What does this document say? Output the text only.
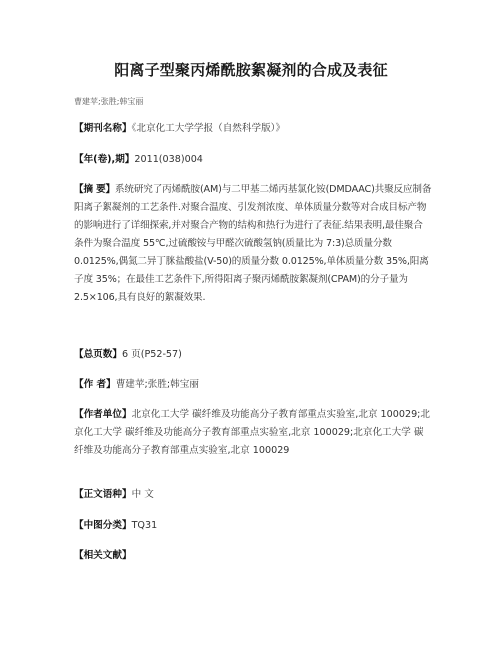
阳离子型聚丙烯酰胺絮凝剂的合成及表征
曹建苹;张胜;韩宝丽
【期刊名称】《北京化工大学学报（自然科学版）》
【年(卷),期】2011(038)004
【摘 要】系统研究了丙烯酰胺(AM)与二甲基二烯丙基氯化铵(DMDAAC)共聚反应制备阳离子絮凝剂的工艺条件.对聚合温度、引发剂浓度、单体质量分数等对合成目标产物的影响进行了详细探索,并对聚合产物的结构和热行为进行了表征.结果表明,最佳聚合条件为聚合温度 55℃,过硫酸铵与甲醛次硫酸氢钠(质量比为 7:3)总质量分数 0.0125%,偶氮二异丁脒盐酸盐(V-50)的质量分数 0.0125%,单体质量分数 35%,阳离子度 35%；在最佳工艺条件下,所得阳离子聚丙烯酰胺絮凝剂(CPAM)的分子量为 2.5×106,具有良好的絮凝效果.
【总页数】6 页(P52-57)
【作 者】曹建苹;张胜;韩宝丽
【作者单位】北京化工大学 碳纤维及功能高分子教育部重点实验室,北京 100029;北京化工大学 碳纤维及功能高分子教育部重点实验室,北京 100029;北京化工大学 碳纤维及功能高分子教育部重点实验室,北京 100029
【正文语种】中 文
【中图分类】TQ31
【相关文献】
